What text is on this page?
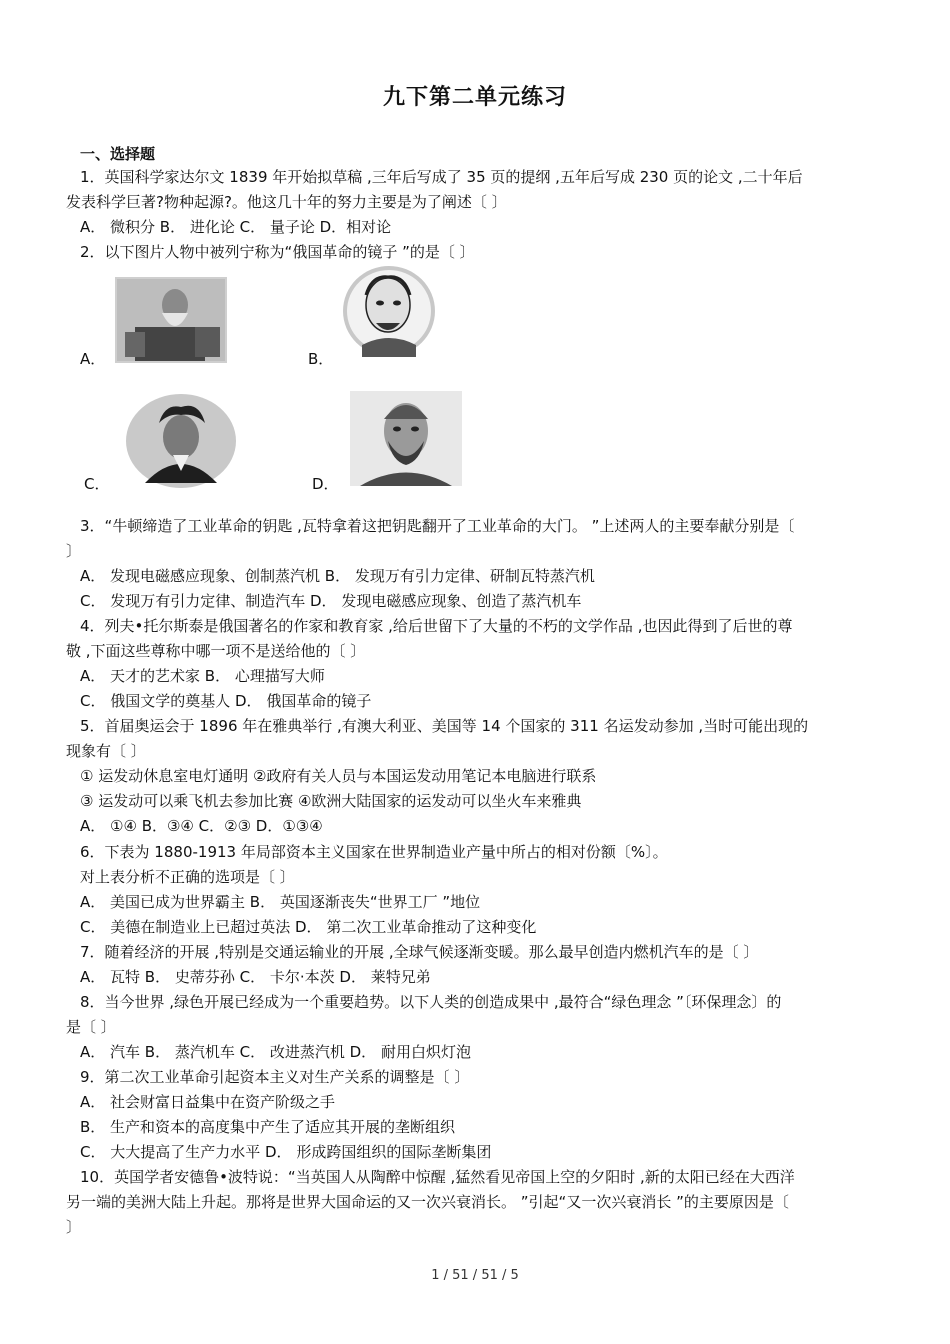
九下第二单元练习
一、选择题
1．英国科学家达尔文 1839 年开始拟草稿 ,三年后写成了 35 页的提纲 ,五年后写成 230 页的论文 ,二十年后
发表科学巨著?物种起源?。他这几十年的努力主要是为了阐述〔 〕
A． 微积分 B． 进化论 C． 量子论 D．相对论
2．以下图片人物中被列宁称为“俄国革命的镜子 ”的是〔 〕
A．	B．
C．	D．
3．“牛顿缔造了工业革命的钥匙 ,瓦特拿着这把钥匙翻开了工业革命的大门。 ”上述两人的主要奉献分别是〔
〕
A． 发现电磁感应现象、创制蒸汽机 B． 发现万有引力定律、研制瓦特蒸汽机
C． 发现万有引力定律、制造汽车 D． 发现电磁感应现象、创造了蒸汽机车
4．列夫•托尔斯泰是俄国著名的作家和教育家 ,给后世留下了大量的不朽的文学作品 ,也因此得到了后世的尊
敬 ,下面这些尊称中哪一项不是送给他的〔 〕
A． 天才的艺术家 B． 心理描写大师
C． 俄国文学的奠基人 D． 俄国革命的镜子
5．首届奥运会于 1896 年在雅典举行 ,有澳大利亚、美国等 14 个国家的 311 名运发动参加 ,当时可能出现的
现象有〔 〕
① 运发动休息室电灯通明 ②政府有关人员与本国运发动用笔记本电脑进行联系
③ 运发动可以乘飞机去参加比赛 ④欧洲大陆国家的运发动可以坐火车来雅典
A． ①④ B．③④ C．②③ D．①③④
6．下表为 1880-1913 年局部资本主义国家在世界制造业产量中所占的相对份额〔%〕。
对上表分析不正确的选项是〔 〕
A． 美国已成为世界霸主 B． 英国逐渐丧失“世界工厂 ”地位
C． 美德在制造业上已超过英法 D． 第二次工业革命推动了这种变化
7．随着经济的开展 ,特别是交通运输业的开展 ,全球气候逐渐变暖。那么最早创造内燃机汽车的是〔 〕
A． 瓦特 B． 史蒂芬孙 C． 卡尔·本茨 D． 莱特兄弟
8．当今世界 ,绿色开展已经成为一个重要趋势。以下人类的创造成果中 ,最符合“绿色理念 ”〔环保理念〕的
是〔 〕
A． 汽车 B． 蒸汽机车 C． 改进蒸汽机 D． 耐用白炽灯泡
9．第二次工业革命引起资本主义对生产关系的调整是〔 〕
A． 社会财富日益集中在资产阶级之手
B． 生产和资本的高度集中产生了适应其开展的垄断组织
C． 大大提高了生产力水平 D． 形成跨国组织的国际垄断集团
10．英国学者安德鲁•波特说：“当英国人从陶醉中惊醒 ,猛然看见帝国上空的夕阳时 ,新的太阳已经在大西洋
另一端的美洲大陆上升起。那将是世界大国命运的又一次兴衰消长。 ”引起“又一次兴衰消长 ”的主要原因是〔
〕
1 / 51 / 51 / 5
